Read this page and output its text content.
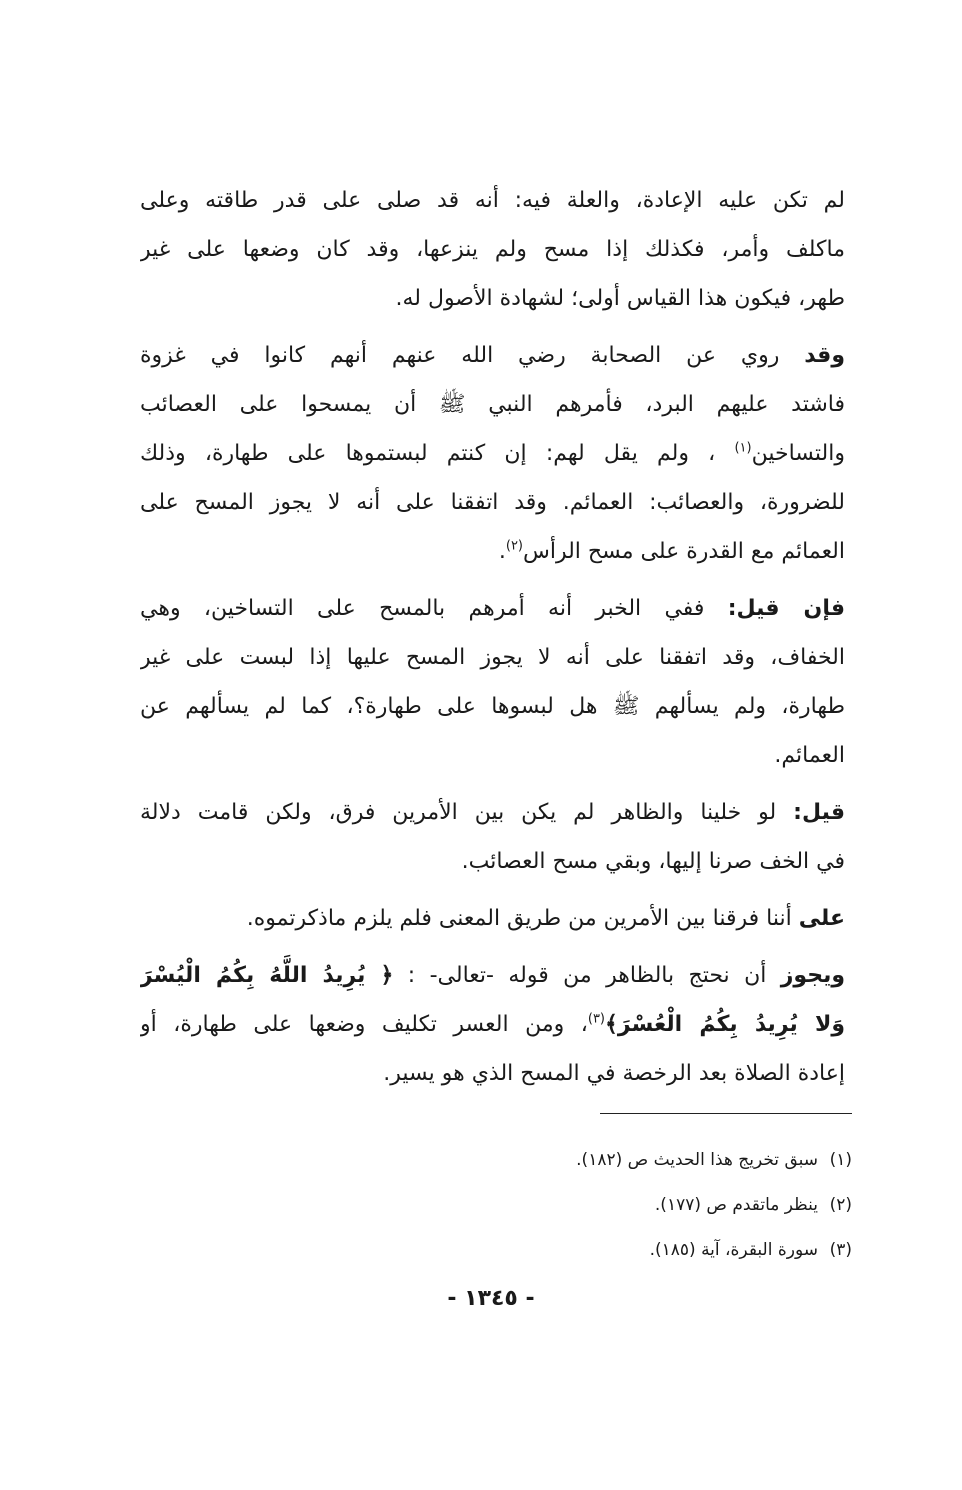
لم تكن عليه الإعادة، والعلة فيه: أنه قد صلى على قدر طاقته وعلى
ماكلف وأمر، فكذلك إذا مسح ولم ينزعها، وقد كان وضعها على غير
طهر، فيكون هذا القياس أولى؛ لشهادة الأصول له.

وقد روي عن الصحابة رضي الله عنهم أنهم كانوا في غزوة
فاشتد عليهم البرد، فأمرهم النبي ﷺ أن يمسحوا على العصائب
والتساخين$^{(١)}$ ، ولم يقل لهم: إن كنتم لبستموها على طهارة، وذلك
للضرورة، والعصائب: العمائم. وقد اتفقنا على أنه لا يجوز المسح على
العمائم مع القدرة على مسح الرأس$^{(٢)}$.

فإن قيل: ففي الخبر أنه أمرهم بالمسح على التساخين، وهي
الخفاف، وقد اتفقنا على أنه لا يجوز المسح عليها إذا لبست على غير
طهارة، ولم يسألهم ﷺ هل لبسوها على طهارة؟، كما لم يسألهم عن
العمائم.

قيل: لو خلينا والظاهر لم يكن بين الأمرين فرق، ولكن قامت دلالة
في الخف صرنا إليها، وبقي مسح العصائب.

على أننا فرقنا بين الأمرين من طريق المعنى فلم يلزم ماذكرتموه.

ويجوز أن نحتج بالظاهر من قوله -تعالى- : ﴿ يُرِيدُ اللَّهُ بِكُمُ الْيُسْرَ
وَلا يُرِيدُ بِكُمُ الْعُسْرَ﴾$^{(٣)}$، ومن العسر تكليف وضعها على طهارة، أو
إعادة الصلاة بعد الرخصة في المسح الذي هو يسير.

(١)
سبق تخريج هذا الحديث ص (١٨٢).
(٢)
ينظر ماتقدم ص (١٧٧).
(٣)
سورة البقرة، آية (١٨٥).
- ١٣٤٥ -
